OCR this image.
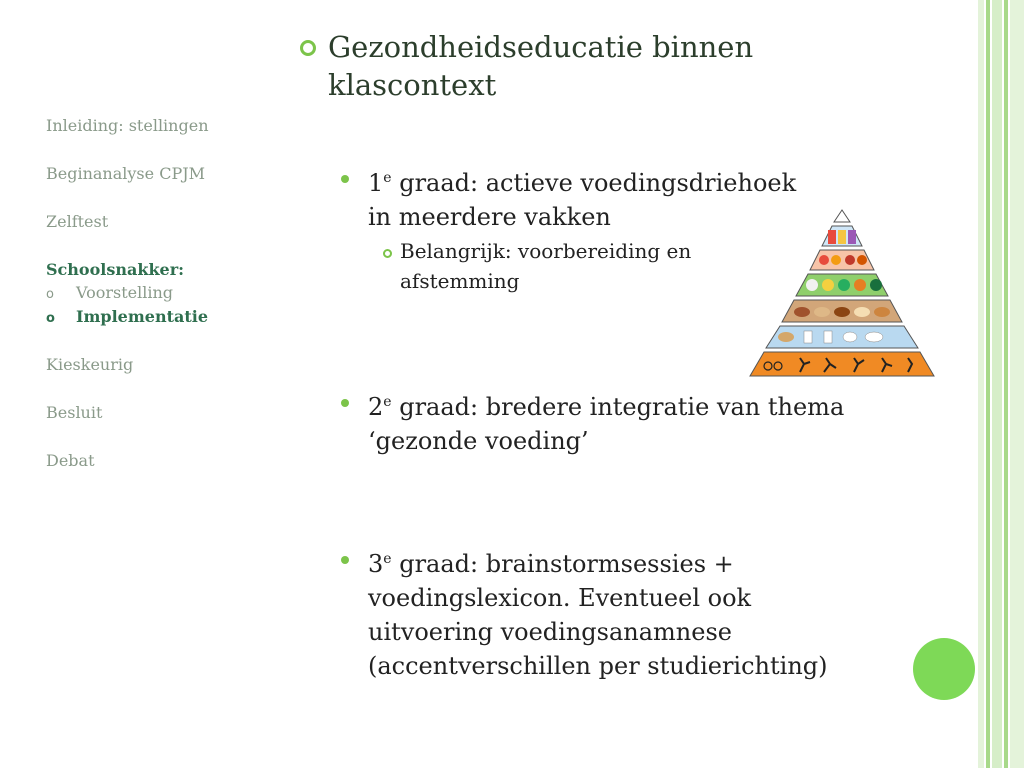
Inleiding: stellingen
Beginanalyse CPJM
Zelftest
Schoolsnakker:
o Voorstelling
o Implementatie
Kieskeurig
Besluit
Debat
Gezondheidseducatie binnen klascontext
1e graad: actieve voedingsdriehoek
in meerdere vakken
Belangrijk: voorbereiding en
afstemming
2e graad: bredere integratie van thema
‘gezonde voeding’
3e graad: brainstormsessies +
voedingslexicon. Eventueel ook
uitvoering voedingsanamnese
(accentverschillen per studierichting)
